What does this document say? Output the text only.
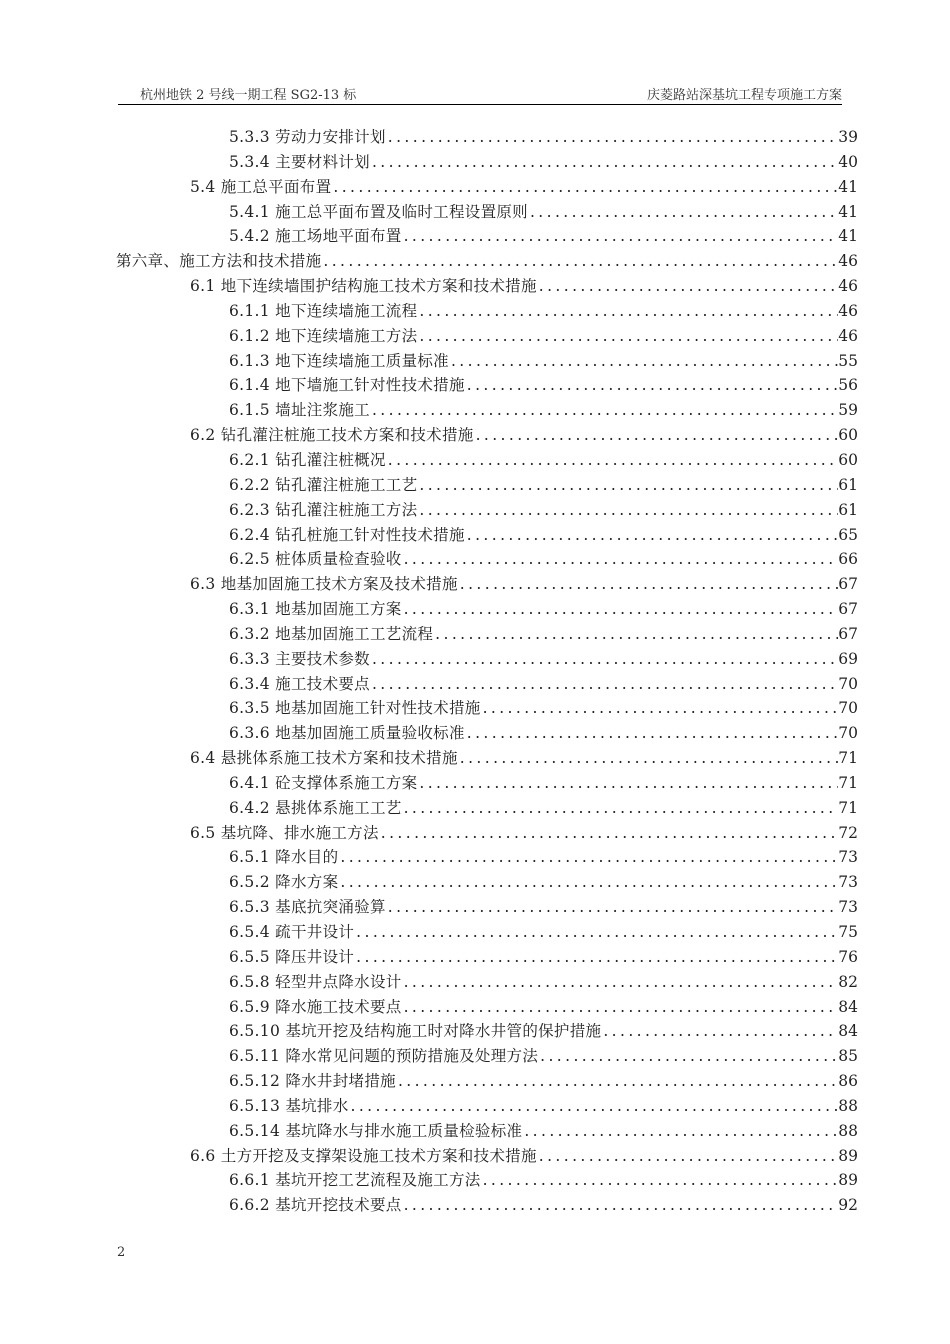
杭州地铁 2 号线一期工程 SG2-13 标	庆菱路站深基坑工程专项施工方案
5.3.3 劳动力安排计划 .....	39
5.3.4 主要材料计划 .....	40
5.4 施工总平面布置 .....	41
5.4.1 施工总平面布置及临时工程设置原则 .....	41
5.4.2 施工场地平面布置 .....	41
第六章、施工方法和技术措施 .....	46
6.1 地下连续墙围护结构施工技术方案和技术措施 .....	46
6.1.1 地下连续墙施工流程 .....	46
6.1.2 地下连续墙施工方法 .....	46
6.1.3 地下连续墙施工质量标准 .....	55
6.1.4 地下墙施工针对性技术措施 .....	56
6.1.5 墙址注浆施工 .....	59
6.2 钻孔灌注桩施工技术方案和技术措施 .....	60
6.2.1 钻孔灌注桩概况 .....	60
6.2.2 钻孔灌注桩施工工艺 .....	61
6.2.3 钻孔灌注桩施工方法 .....	61
6.2.4 钻孔桩施工针对性技术措施 .....	65
6.2.5 桩体质量检查验收 .....	66
6.3 地基加固施工技术方案及技术措施 .....	67
6.3.1 地基加固施工方案 .....	67
6.3.2 地基加固施工工艺流程 .....	67
6.3.3 主要技术参数 .....	69
6.3.4 施工技术要点 .....	70
6.3.5 地基加固施工针对性技术措施 .....	70
6.3.6 地基加固施工质量验收标准 .....	70
6.4 悬挑体系施工技术方案和技术措施 .....	71
6.4.1 砼支撑体系施工方案 .....	71
6.4.2 悬挑体系施工工艺 .....	71
6.5 基坑降、排水施工方法 .....	72
6.5.1 降水目的 .....	73
6.5.2 降水方案 .....	73
6.5.3 基底抗突涌验算 .....	73
6.5.4 疏干井设计 .....	75
6.5.5 降压井设计 .....	76
6.5.8 轻型井点降水设计 .....	82
6.5.9 降水施工技术要点 .....	84
6.5.10 基坑开挖及结构施工时对降水井管的保护措施 .....	84
6.5.11 降水常见问题的预防措施及处理方法 .....	85
6.5.12 降水井封堵措施 .....	86
6.5.13 基坑排水 .....	88
6.5.14 基坑降水与排水施工质量检验标准 .....	88
6.6 土方开挖及支撑架设施工技术方案和技术措施 .....	89
6.6.1 基坑开挖工艺流程及施工方法 .....	89
6.6.2 基坑开挖技术要点 .....	92
2
